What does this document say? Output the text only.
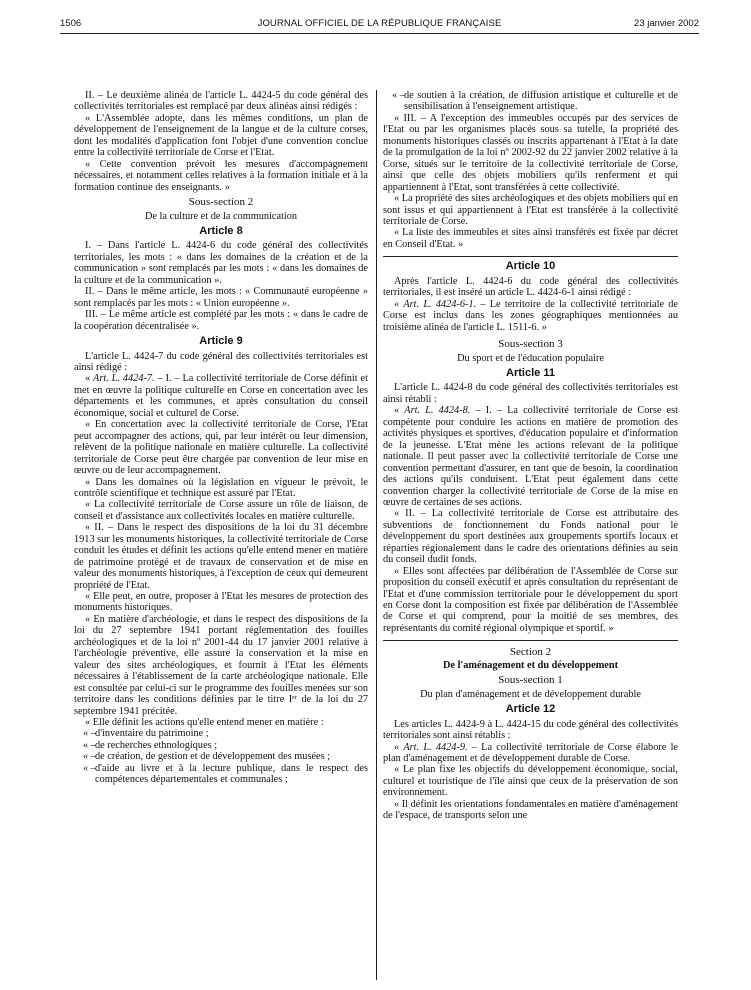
1506	JOURNAL OFFICIEL DE LA RÉPUBLIQUE FRANÇAISE	23 janvier 2002

II. – Le deuxième alinéa de l'article L. 4424-5 du code général des collectivités territoriales est remplacé par deux alinéas ainsi rédigés :

« L'Assemblée adopte, dans les mêmes conditions, un plan de développement de l'enseignement de la langue et de la culture corses, dont les modalités d'application font l'objet d'une convention conclue entre la collectivité territoriale de Corse et l'Etat.

« Cette convention prévoit les mesures d'accompagnement nécessaires, et notamment celles relatives à la formation initiale et à la formation continue des enseignants. »

Sous-section 2
De la culture et de la communication
Article 8

I. – Dans l'article L. 4424-6 du code général des collectivités territoriales, les mots : « dans les domaines de la création et de la communication » sont remplacés par les mots : « dans les domaines de la culture et de la communication ».

II. – Dans le même article, les mots : « Communauté européenne » sont remplacés par les mots : « Union européenne ».

III. – Le même article est complété par les mots : « dans le cadre de la coopération décentralisée ».

Article 9

L'article L. 4424-7 du code général des collectivités territoriales est ainsi rédigé :

« Art. L. 4424-7. – I. – La collectivité territoriale de Corse définit et met en œuvre la politique culturelle en Corse en concertation avec les départements et les communes, et après consultation du conseil économique, social et culturel de Corse.

« En concertation avec la collectivité territoriale de Corse, l'Etat peut accompagner des actions, qui, par leur intérêt ou leur dimension, relèvent de la politique nationale en matière culturelle. La collectivité territoriale de Corse peut être chargée par convention de leur mise en œuvre ou de leur accompagnement.

« Dans les domaines où la législation en vigueur le prévoit, le contrôle scientifique et technique est assuré par l'Etat.

« La collectivité territoriale de Corse assure un rôle de liaison, de conseil et d'assistance aux collectivités locales en matière culturelle.

« II. – Dans le respect des dispositions de la loi du 31 décembre 1913 sur les monuments historiques, la collectivité territoriale de Corse conduit les études et définit les actions qu'elle entend mener en matière de patrimoine protégé et de travaux de conservation et de mise en valeur des monuments historiques, à l'exception de ceux qui demeurent propriété de l'Etat.

« Elle peut, en outre, proposer à l'Etat les mesures de protection des monuments historiques.

« En matière d'archéologie, et dans le respect des dispositions de la loi du 27 septembre 1941 portant réglementation des fouilles archéologiques et de la loi nº 2001-44 du 17 janvier 2001 relative à l'archéologie préventive, elle assure la conservation et la mise en valeur des sites archéologiques, et fournit à l'Etat les éléments nécessaires à l'établissement de la carte archéologique nationale. Elle est consultée par celui-ci sur le programme des fouilles menées sur son territoire dans les conditions définies par le titre Iᵉʳ de la loi du 27 septembre 1941 précitée.

« Elle définit les actions qu'elle entend mener en matière :

« – d'inventaire du patrimoine ;
« – de recherches ethnologiques ;
« – de création, de gestion et de développement des musées ;
« – d'aide au livre et à la lecture publique, dans le respect des compétences départementales et communales ;
« – de soutien à la création, de diffusion artistique et culturelle et de sensibilisation à l'enseignement artistique.

« III. – A l'exception des immeubles occupés par des services de l'Etat ou par les organismes placés sous sa tutelle, la propriété des monuments historiques classés ou inscrits appartenant à l'Etat à la date de la promulgation de la loi nº 2002-92 du 22 janvier 2002 relative à la Corse, situés sur le territoire de la collectivité territoriale de Corse, ainsi que celle des objets mobiliers qu'ils renferment et qui appartiennent à l'Etat, sont transférées à cette collectivité.

« La propriété des sites archéologiques et des objets mobiliers qui en sont issus et qui appartiennent à l'Etat est transférée à la collectivité territoriale de Corse.

« La liste des immeubles et sites ainsi transférés est fixée par décret en Conseil d'Etat. »

Article 10

Après l'article L. 4424-6 du code général des collectivités territoriales, il est inséré un article L. 4424-6-1 ainsi rédigé :

« Art. L. 4424-6-1. – Le territoire de la collectivité territoriale de Corse est inclus dans les zones géographiques mentionnées au troisième alinéa de l'article L. 1511-6. »

Sous-section 3
Du sport et de l'éducation populaire
Article 11

L'article L. 4424-8 du code général des collectivités territoriales est ainsi rétabli :

« Art. L. 4424-8. – I. – La collectivité territoriale de Corse est compétente pour conduire les actions en matière de promotion des activités physiques et sportives, d'éducation populaire et d'information de la jeunesse. L'Etat mène les actions relevant de la politique nationale. Il peut passer avec la collectivité territoriale de Corse une convention permettant d'assurer, en tant que de besoin, la coordination des actions qu'ils conduisent. L'Etat peut également dans cette convention charger la collectivité territoriale de Corse de la mise en œuvre de certaines de ses actions.

« II. – La collectivité territoriale de Corse est attributaire des subventions de fonctionnement du Fonds national pour le développement du sport destinées aux groupements sportifs locaux et réparties régionalement dans le cadre des orientations définies au sein du conseil dudit fonds.

« Elles sont affectées par délibération de l'Assemblée de Corse sur proposition du conseil exécutif et après consultation du représentant de l'Etat et d'une commission territoriale pour le développement du sport en Corse dont la composition est fixée par délibération de l'Assemblée de Corse et qui comprend, pour la moitié de ses membres, des représentants du comité régional olympique et sportif. »

Section 2
De l'aménagement et du développement
Sous-section 1
Du plan d'aménagement et de développement durable
Article 12

Les articles L. 4424-9 à L. 4424-15 du code général des collectivités territoriales sont ainsi rétablis :

« Art. L. 4424-9. – La collectivité territoriale de Corse élabore le plan d'aménagement et de développement durable de Corse.

« Le plan fixe les objectifs du développement économique, social, culturel et touristique de l'île ainsi que ceux de la préservation de son environnement.

« Il définit les orientations fondamentales en matière d'aménagement de l'espace, de transports selon une
